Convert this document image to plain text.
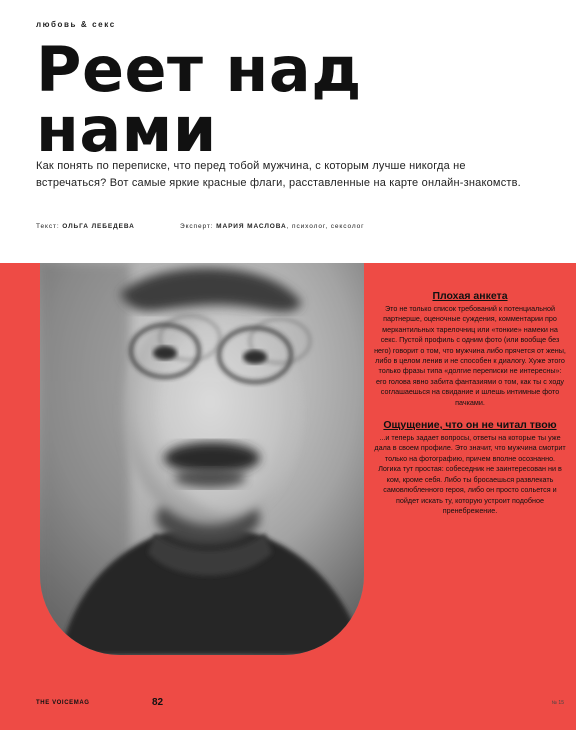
любовь & секс
Реет над
нами

Как понять по переписке, что перед тобой мужчина, с которым лучше никогда не встречаться? Вот самые яркие красные флаги, расставленные на карте онлайн-знакомств.

Текст: ОЛЬГА ЛЕБЕДЕВА	Эксперт: МАРИЯ МАСЛОВА, психолог, сексолог
Плохая анкета

Это не только список требований к потенциальной партнерше, оценочные суждения, комментарии про меркантильных тарелочниц или «тонкие» намеки на секс. Пустой профиль с одним фото (или вообще без него) говорит о том, что мужчина либо прячется от жены, либо в целом ленив и не способен к диалогу. Хуже этого только фразы типа «долгие переписки не интересны»: его голова явно забита фантазиями о том, как ты с ходу соглашаешься на свидание и шлешь интимные фото пачками.

Ощущение, что он не читал твою

...и теперь задает вопросы, ответы на которые ты уже дала в своем профиле. Это значит, что мужчина смотрит только на фотографию, причем вполне осознанно. Логика тут простая: собеседник не заинтересован ни в ком, кроме себя. Либо ты бросаешься развлекать самовлюбленного героя, либо он просто сольется и пойдет искать ту, которую устроит подобное пренебрежение.

THE VOICEMAG	82	№ 15
